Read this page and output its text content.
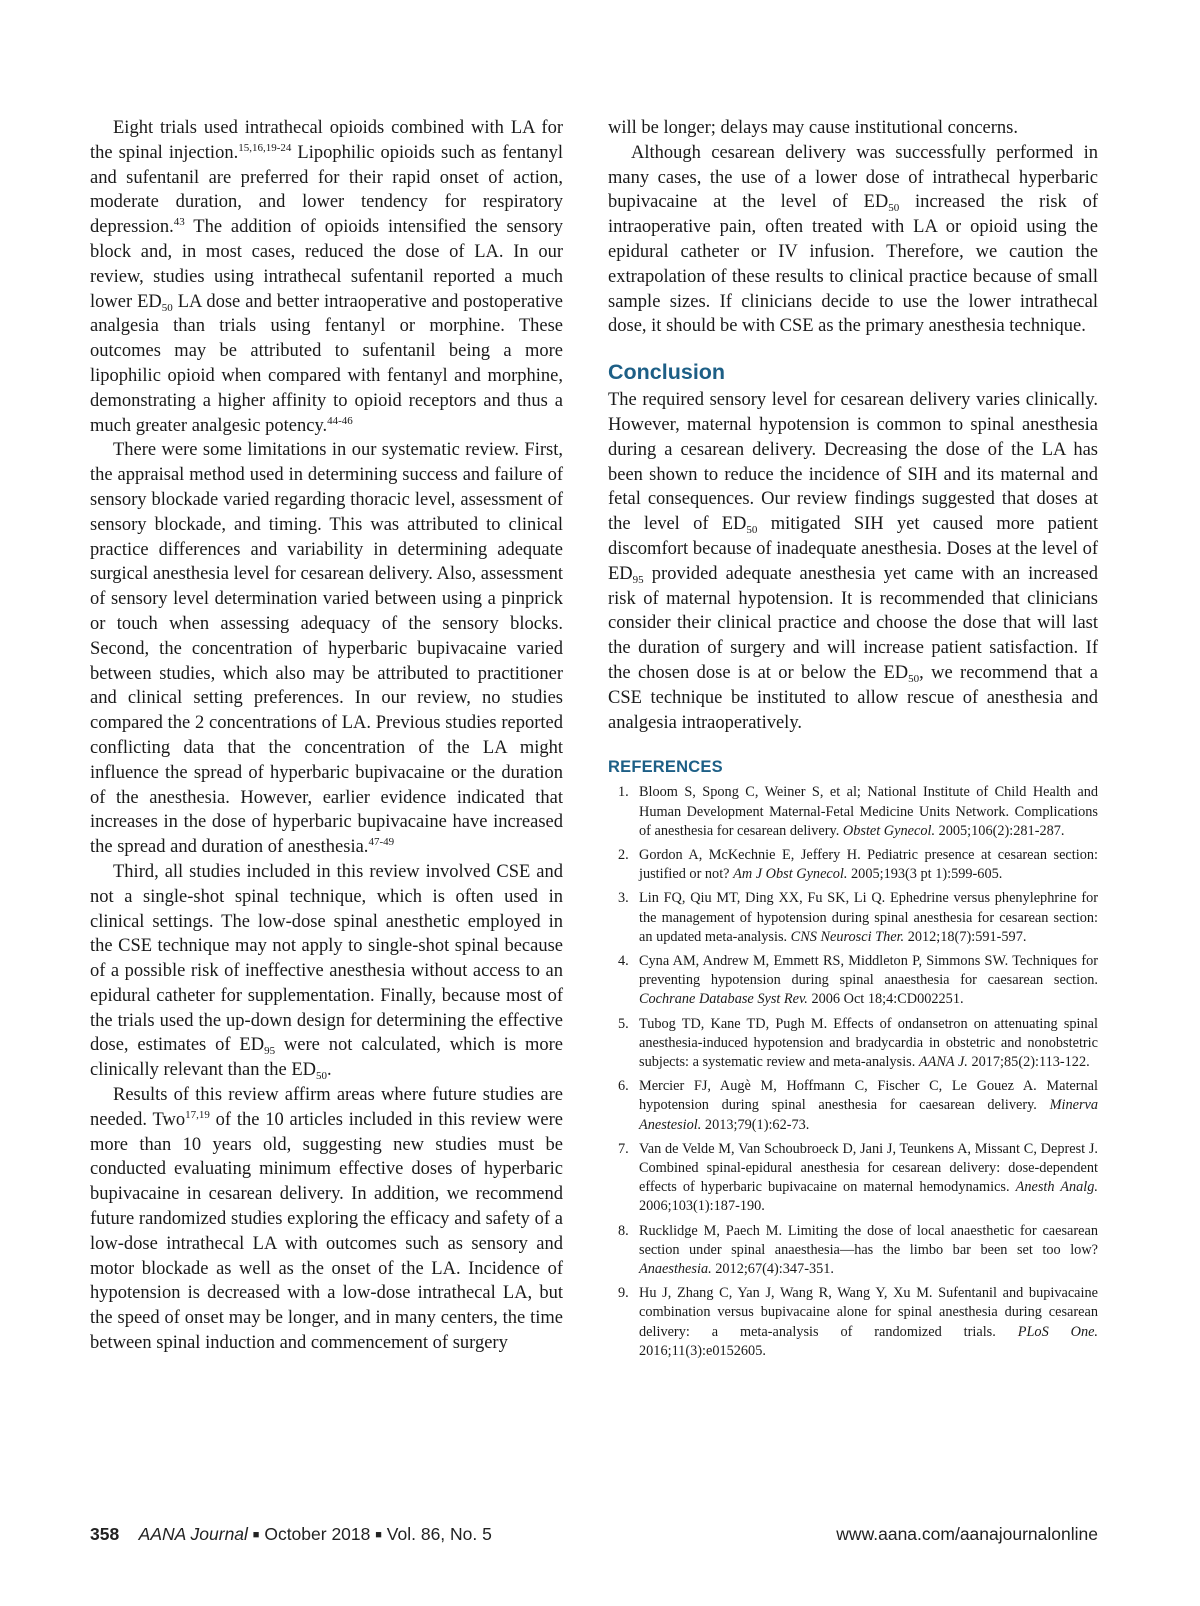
Eight trials used intrathecal opioids combined with LA for the spinal injection.$^{15,16,19-24}$ Lipophilic opioids such as fentanyl and sufentanil are preferred for their rapid onset of action, moderate duration, and lower tendency for respiratory depression.$^{43}$ The addition of opioids intensified the sensory block and, in most cases, reduced the dose of LA. In our review, studies using intrathecal sufentanil reported a much lower $ED_{50}$ LA dose and better intraoperative and postoperative analgesia than trials using fentanyl or morphine. These outcomes may be attributed to sufentanil being a more lipophilic opioid when compared with fentanyl and morphine, demonstrating a higher affinity to opioid receptors and thus a much greater analgesic potency.$^{44-46}$

There were some limitations in our systematic review. First, the appraisal method used in determining success and failure of sensory blockade varied regarding thoracic level, assessment of sensory blockade, and timing. This was attributed to clinical practice differences and variability in determining adequate surgical anesthesia level for cesarean delivery. Also, assessment of sensory level determination varied between using a pinprick or touch when assessing adequacy of the sensory blocks. Second, the concentration of hyperbaric bupivacaine varied between studies, which also may be attributed to practitioner and clinical setting preferences. In our review, no studies compared the 2 concentrations of LA. Previous studies reported conflicting data that the concentration of the LA might influence the spread of hyperbaric bupivacaine or the duration of the anesthesia. However, earlier evidence indicated that increases in the dose of hyperbaric bupivacaine have increased the spread and duration of anesthesia.$^{47-49}$

Third, all studies included in this review involved CSE and not a single-shot spinal technique, which is often used in clinical settings. The low-dose spinal anesthetic employed in the CSE technique may not apply to single-shot spinal because of a possible risk of ineffective anesthesia without access to an epidural catheter for supplementation. Finally, because most of the trials used the up-down design for determining the effective dose, estimates of $ED_{95}$ were not calculated, which is more clinically relevant than the $ED_{50}$.

Results of this review affirm areas where future studies are needed. Two$^{17,19}$ of the 10 articles included in this review were more than 10 years old, suggesting new studies must be conducted evaluating minimum effective doses of hyperbaric bupivacaine in cesarean delivery. In addition, we recommend future randomized studies exploring the efficacy and safety of a low-dose intrathecal LA with outcomes such as sensory and motor blockade as well as the onset of the LA. Incidence of hypotension is decreased with a low-dose intrathecal LA, but the speed of onset may be longer, and in many centers, the time between spinal induction and commencement of surgery

will be longer; delays may cause institutional concerns.

Although cesarean delivery was successfully performed in many cases, the use of a lower dose of intrathecal hyperbaric bupivacaine at the level of $ED_{50}$ increased the risk of intraoperative pain, often treated with LA or opioid using the epidural catheter or IV infusion. Therefore, we caution the extrapolation of these results to clinical practice because of small sample sizes. If clinicians decide to use the lower intrathecal dose, it should be with CSE as the primary anesthesia technique.

Conclusion

The required sensory level for cesarean delivery varies clinically. However, maternal hypotension is common to spinal anesthesia during a cesarean delivery. Decreasing the dose of the LA has been shown to reduce the incidence of SIH and its maternal and fetal consequences. Our review findings suggested that doses at the level of $ED_{50}$ mitigated SIH yet caused more patient discomfort because of inadequate anesthesia. Doses at the level of $ED_{95}$ provided adequate anesthesia yet came with an increased risk of maternal hypotension. It is recommended that clinicians consider their clinical practice and choose the dose that will last the duration of surgery and will increase patient satisfaction. If the chosen dose is at or below the $ED_{50}$, we recommend that a CSE technique be instituted to allow rescue of anesthesia and analgesia intraoperatively.

REFERENCES
1. Bloom S, Spong C, Weiner S, et al; National Institute of Child Health and Human Development Maternal-Fetal Medicine Units Network. Complications of anesthesia for cesarean delivery. Obstet Gynecol. 2005;106(2):281-287.
2. Gordon A, McKechnie E, Jeffery H. Pediatric presence at cesarean section: justified or not? Am J Obst Gynecol. 2005;193(3 pt 1):599-605.
3. Lin FQ, Qiu MT, Ding XX, Fu SK, Li Q. Ephedrine versus phenylephrine for the management of hypotension during spinal anesthesia for cesarean section: an updated meta-analysis. CNS Neurosci Ther. 2012;18(7):591-597.
4. Cyna AM, Andrew M, Emmett RS, Middleton P, Simmons SW. Techniques for preventing hypotension during spinal anaesthesia for caesarean section. Cochrane Database Syst Rev. 2006 Oct 18;4:CD002251.
5. Tubog TD, Kane TD, Pugh M. Effects of ondansetron on attenuating spinal anesthesia-induced hypotension and bradycardia in obstetric and nonobstetric subjects: a systematic review and meta-analysis. AANA J. 2017;85(2):113-122.
6. Mercier FJ, Augè M, Hoffmann C, Fischer C, Le Gouez A. Maternal hypotension during spinal anesthesia for caesarean delivery. Minerva Anestesiol. 2013;79(1):62-73.
7. Van de Velde M, Van Schoubroeck D, Jani J, Teunkens A, Missant C, Deprest J. Combined spinal-epidural anesthesia for cesarean delivery: dose-dependent effects of hyperbaric bupivacaine on maternal hemodynamics. Anesth Analg. 2006;103(1):187-190.
8. Rucklidge M, Paech M. Limiting the dose of local anaesthetic for caesarean section under spinal anaesthesia—has the limbo bar been set too low? Anaesthesia. 2012;67(4):347-351.
9. Hu J, Zhang C, Yan J, Wang R, Wang Y, Xu M. Sufentanil and bupivacaine combination versus bupivacaine alone for spinal anesthesia during cesarean delivery: a meta-analysis of randomized trials. PLoS One. 2016;11(3):e0152605.
358 AANA Journal ■ October 2018 ■ Vol. 86, No. 5	www.aana.com/aanajournalonline
